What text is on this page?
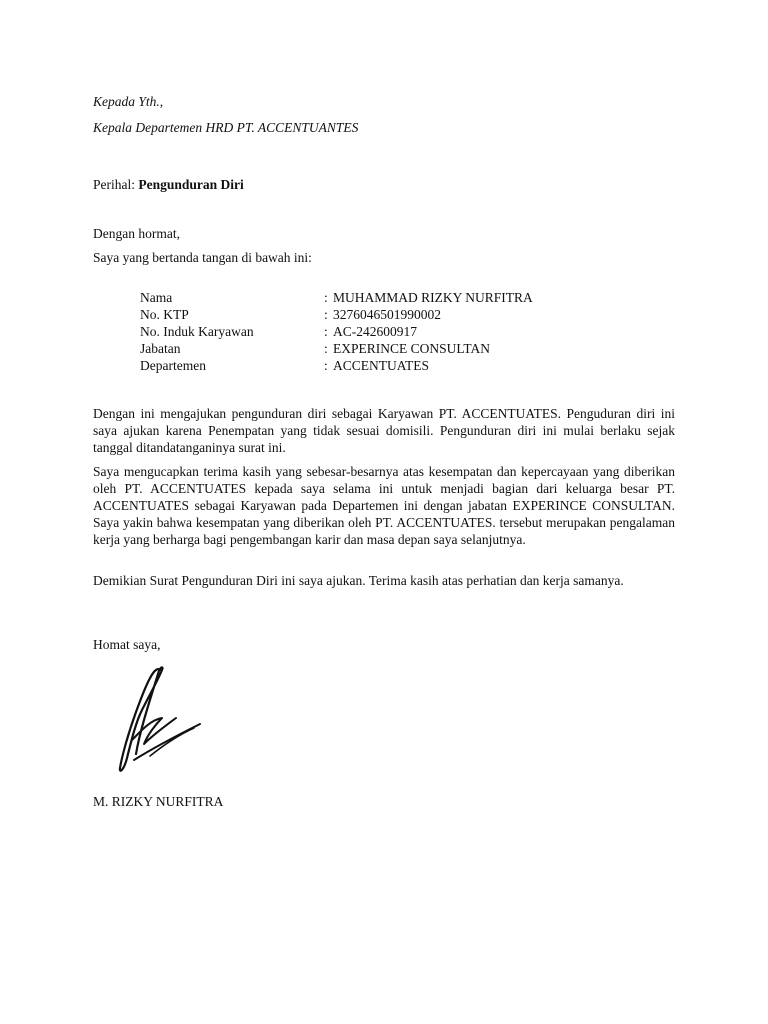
Kepada Yth.,
Kepala Departemen HRD PT. ACCENTUANTES
Perihal: Pengunduran Diri
Dengan hormat,
Saya yang bertanda tangan di bawah ini:
Nama	: MUHAMMAD RIZKY NURFITRA
No. KTP	: 3276046501990002
No. Induk Karyawan	: AC-242600917
Jabatan	: EXPERINCE CONSULTAN
Departemen	: ACCENTUATES
Dengan ini mengajukan pengunduran diri sebagai Karyawan PT. ACCENTUATES. Penguduran diri ini saya ajukan karena Penempatan yang tidak sesuai domisili. Pengunduran diri ini mulai berlaku sejak tanggal ditandatanganinya surat ini.
Saya mengucapkan terima kasih yang sebesar-besarnya atas kesempatan dan kepercayaan yang diberikan oleh PT. ACCENTUATES kepada saya selama ini untuk menjadi bagian dari keluarga besar PT. ACCENTUATES sebagai Karyawan pada Departemen ini dengan jabatan EXPERINCE CONSULTAN. Saya yakin bahwa kesempatan yang diberikan oleh PT. ACCENTUATES. tersebut merupakan pengalaman kerja yang berharga bagi pengembangan karir dan masa depan saya selanjutnya.
Demikian Surat Pengunduran Diri ini saya ajukan. Terima kasih atas perhatian dan kerja samanya.
Homat saya,
M. RIZKY NURFITRA
